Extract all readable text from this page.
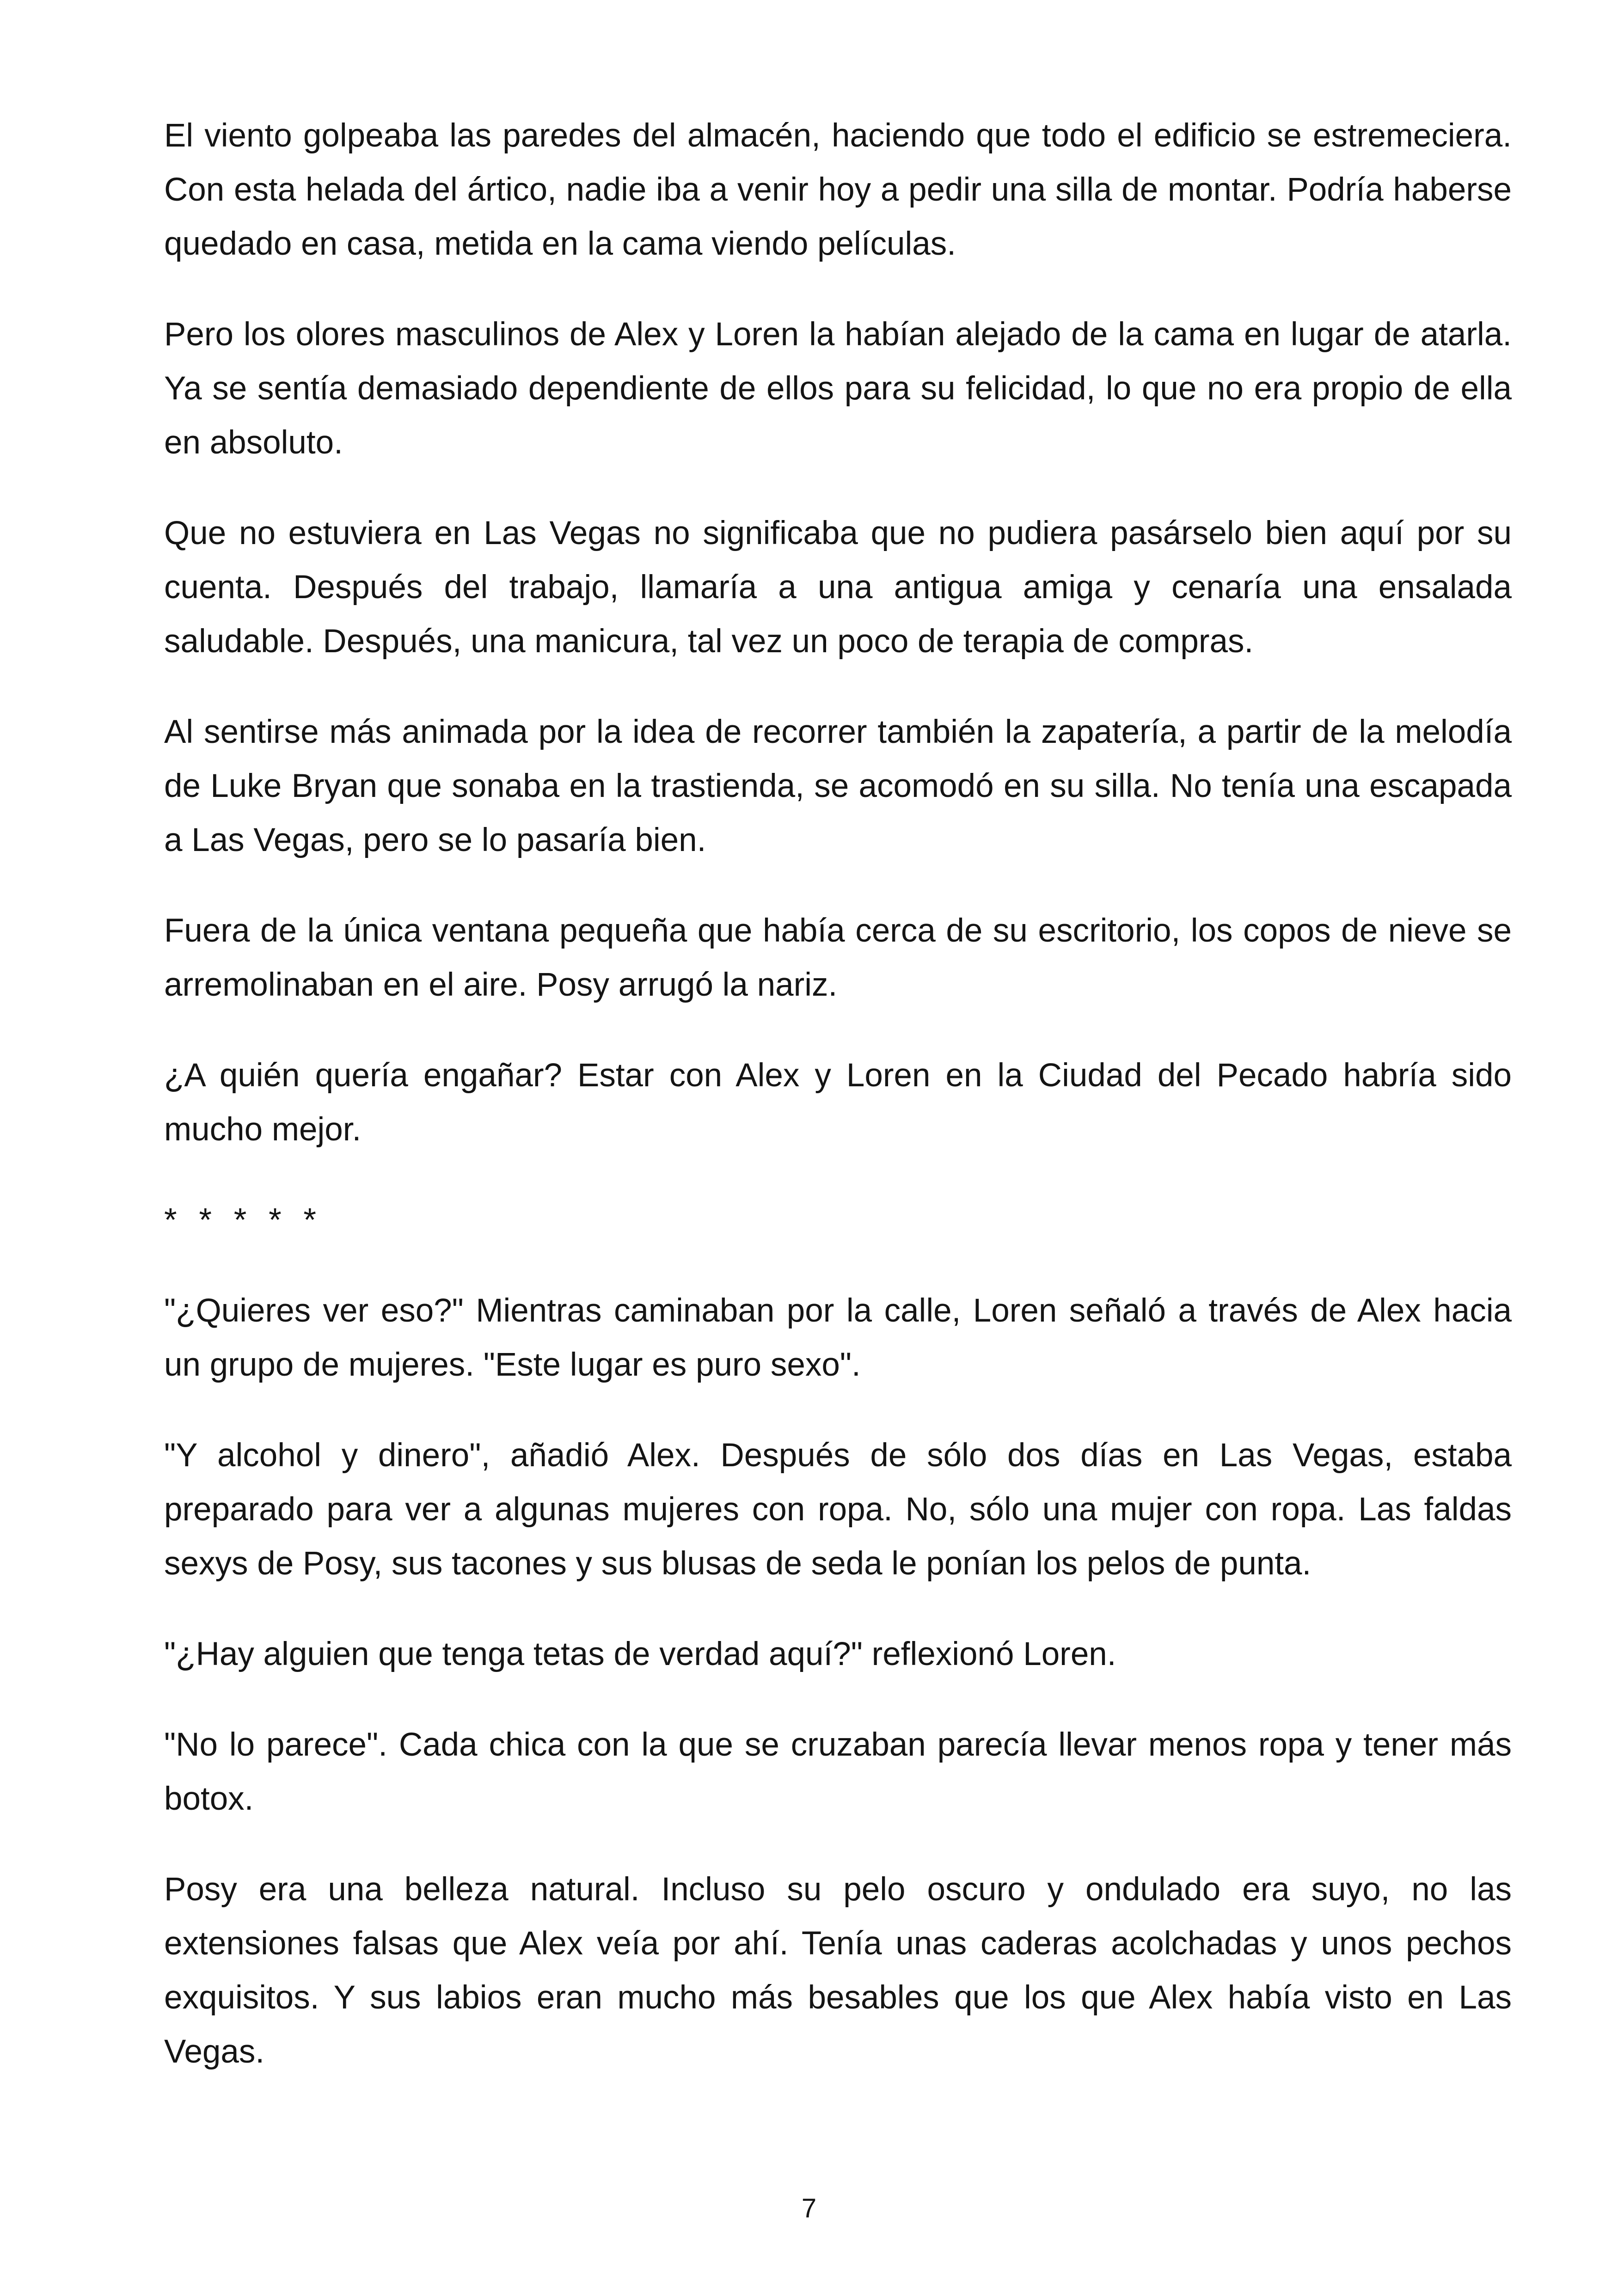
El viento golpeaba las paredes del almacén, haciendo que todo el edificio se estremeciera. Con esta helada del ártico, nadie iba a venir hoy a pedir una silla de montar. Podría haberse quedado en casa, metida en la cama viendo películas.

Pero los olores masculinos de Alex y Loren la habían alejado de la cama en lugar de atarla. Ya se sentía demasiado dependiente de ellos para su felicidad, lo que no era propio de ella en absoluto.

Que no estuviera en Las Vegas no significaba que no pudiera pasárselo bien aquí por su cuenta. Después del trabajo, llamaría a una antigua amiga y cenaría una ensalada saludable. Después, una manicura, tal vez un poco de terapia de compras.

Al sentirse más animada por la idea de recorrer también la zapatería, a partir de la melodía de Luke Bryan que sonaba en la trastienda, se acomodó en su silla. No tenía una escapada a Las Vegas, pero se lo pasaría bien.

Fuera de la única ventana pequeña que había cerca de su escritorio, los copos de nieve se arremolinaban en el aire. Posy arrugó la nariz.

¿A quién quería engañar? Estar con Alex y Loren en la Ciudad del Pecado habría sido mucho mejor.

* * * * *

"¿Quieres ver eso?" Mientras caminaban por la calle, Loren señaló a través de Alex hacia un grupo de mujeres. "Este lugar es puro sexo".

"Y alcohol y dinero", añadió Alex. Después de sólo dos días en Las Vegas, estaba preparado para ver a algunas mujeres con ropa. No, sólo una mujer con ropa. Las faldas sexys de Posy, sus tacones y sus blusas de seda le ponían los pelos de punta.

"¿Hay alguien que tenga tetas de verdad aquí?" reflexionó Loren.

"No lo parece". Cada chica con la que se cruzaban parecía llevar menos ropa y tener más botox.

Posy era una belleza natural. Incluso su pelo oscuro y ondulado era suyo, no las extensiones falsas que Alex veía por ahí. Tenía unas caderas acolchadas y unos pechos exquisitos. Y sus labios eran mucho más besables que los que Alex había visto en Las Vegas.

7
